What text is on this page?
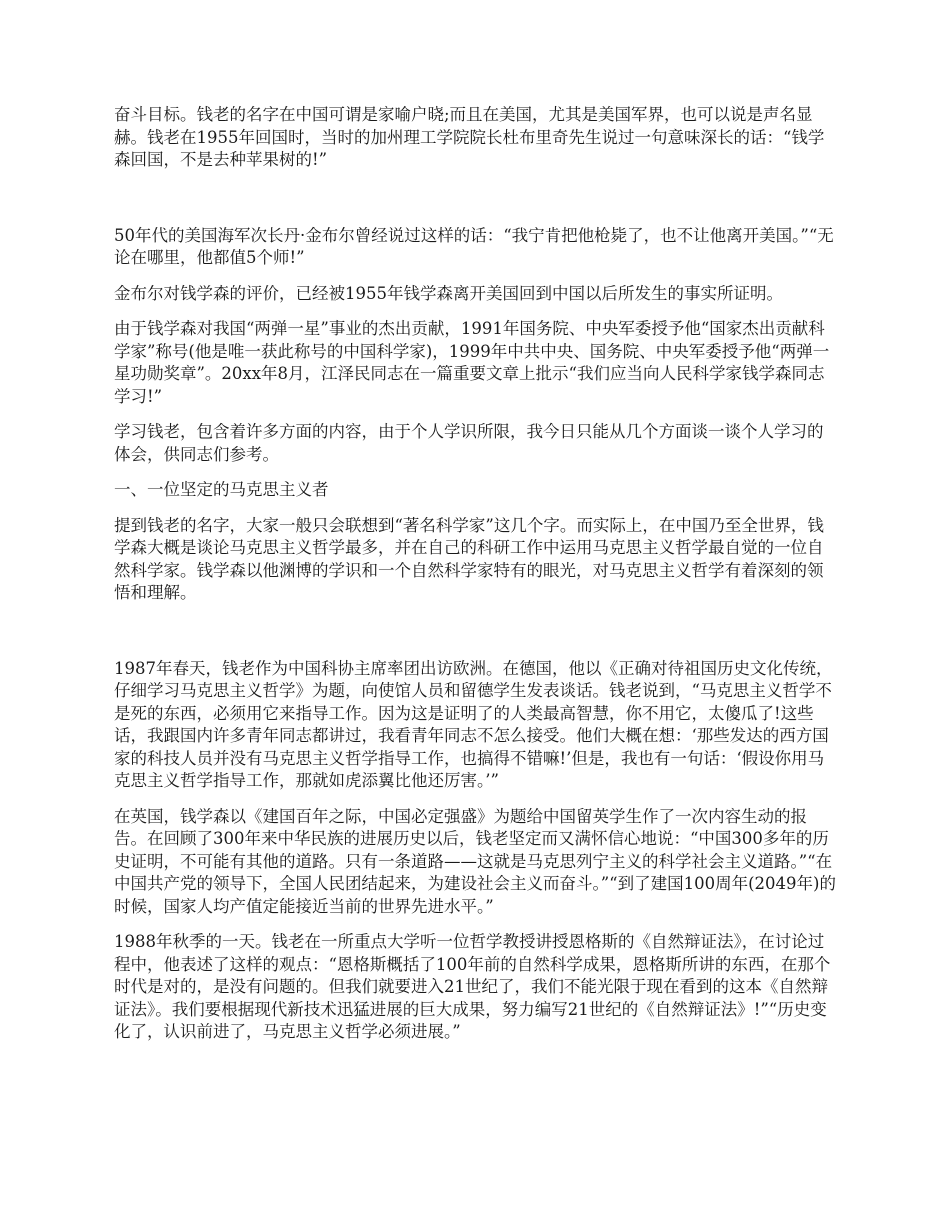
奋斗目标。钱老的名字在中国可谓是家喻户晓;而且在美国，尤其是美国军界，也可以说是声名显赫。钱老在1955年回国时，当时的加州理工学院院长杜布里奇先生说过一句意味深长的话：“钱学森回国，不是去种苹果树的!”

50年代的美国海军次长丹·金布尔曾经说过这样的话：“我宁肯把他枪毙了，也不让他离开美国。”“无论在哪里，他都值5个师!”

金布尔对钱学森的评价，已经被1955年钱学森离开美国回到中国以后所发生的事实所证明。

由于钱学森对我国“两弹一星”事业的杰出贡献，1991年国务院、中央军委授予他“国家杰出贡献科学家”称号(他是唯一获此称号的中国科学家)，1999年中共中央、国务院、中央军委授予他“两弹一星功勋奖章”。20xx年8月，江泽民同志在一篇重要文章上批示“我们应当向人民科学家钱学森同志学习!”

学习钱老，包含着许多方面的内容，由于个人学识所限，我今日只能从几个方面谈一谈个人学习的体会，供同志们参考。

一、一位坚定的马克思主义者

提到钱老的名字，大家一般只会联想到“著名科学家”这几个字。而实际上，在中国乃至全世界，钱学森大概是谈论马克思主义哲学最多，并在自己的科研工作中运用马克思主义哲学最自觉的一位自然科学家。钱学森以他渊博的学识和一个自然科学家特有的眼光，对马克思主义哲学有着深刻的领悟和理解。

1987年春天，钱老作为中国科协主席率团出访欧洲。在德国，他以《正确对待祖国历史文化传统，仔细学习马克思主义哲学》为题，向使馆人员和留德学生发表谈话。钱老说到，“马克思主义哲学不是死的东西，必须用它来指导工作。因为这是证明了的人类最高智慧，你不用它，太傻瓜了!这些话，我跟国内许多青年同志都讲过，我看青年同志不怎么接受。他们大概在想：‘那些发达的西方国家的科技人员并没有马克思主义哲学指导工作，也搞得不错嘛!’但是，我也有一句话：‘假设你用马克思主义哲学指导工作，那就如虎添翼比他还厉害。’”

在英国，钱学森以《建国百年之际，中国必定强盛》为题给中国留英学生作了一次内容生动的报告。在回顾了300年来中华民族的进展历史以后，钱老坚定而又满怀信心地说：“中国300多年的历史证明，不可能有其他的道路。只有一条道路——这就是马克思列宁主义的科学社会主义道路。”“在中国共产党的领导下，全国人民团结起来，为建设社会主义而奋斗。”“到了建国100周年(2049年)的时候，国家人均产值定能接近当前的世界先进水平。”

1988年秋季的一天。钱老在一所重点大学听一位哲学教授讲授恩格斯的《自然辩证法》，在讨论过程中，他表述了这样的观点：“恩格斯概括了100年前的自然科学成果，恩格斯所讲的东西，在那个时代是对的，是没有问题的。但我们就要进入21世纪了，我们不能光限于现在看到的这本《自然辩证法》。我们要根据现代新技术迅猛进展的巨大成果，努力编写21世纪的《自然辩证法》!”“历史变化了，认识前进了，马克思主义哲学必须进展。”
